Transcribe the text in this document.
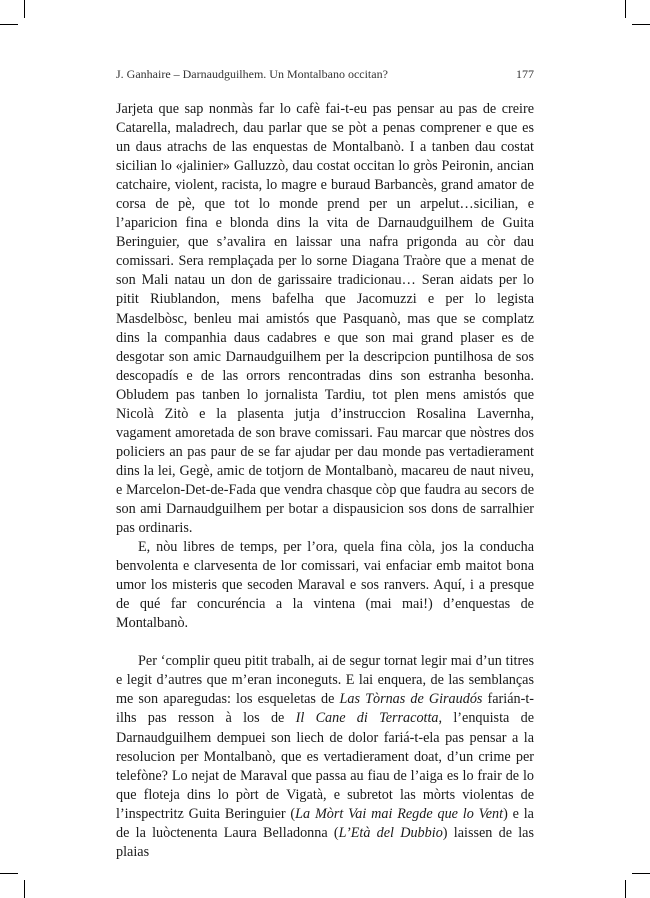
J. Ganhaire – Darnaudguilhem. Un Montalbano occitan?	177

Jarjeta que sap nonmàs far lo cafè fai-t-eu pas pensar au pas de creire Catarella, maladrech, dau parlar que se pòt a penas comprener e que es un daus atrachs de las enquestas de Montalbanò. I a tanben dau costat sicilian lo «jalinier» Galluzzò, dau costat occitan lo gròs Peironin, ancian catchaire, violent, racista, lo magre e buraud Barbancès, grand amator de corsa de pè, que tot lo monde prend per un arpelut…sicilian, e l’aparicion fina e blonda dins la vita de Darnaudguilhem de Guita Beringuier, que s’avalira en laissar una nafra prigonda au còr dau comissari. Sera remplaçada per lo sorne Diagana Traòre que a menat de son Mali natau un don de garissaire tradicionau… Seran aidats per lo pitit Riublandon, mens bafelha que Jacomuzzi e per lo legista Masdelbòsc, benleu mai amistós que Pasquanò, mas que se complatz dins la companhia daus cadabres e que son mai grand plaser es de desgotar son amic Darnaudguilhem per la descripcion puntilhosa de sos descopadís e de las orrors rencontradas dins son estranha besonha. Obludem pas tanben lo jornalista Tardiu, tot plen mens amistós que Nicolà Zitò e la plasenta jutja d’instruccion Rosalina Lavernha, vagament amoretada de son brave comissari. Fau marcar que nòstres dos policiers an pas paur de se far ajudar per dau monde pas vertadierament dins la lei, Gegè, amic de totjorn de Montalbanò, macareu de naut niveu, e Marcelon-Det-de-Fada que vendra chasque còp que faudra au secors de son ami Darnaudguilhem per botar a dispausicion sos dons de sarralhier pas ordinaris.

E, nòu libres de temps, per l’ora, quela fina còla, jos la conducha benvolenta e clarvesenta de lor comissari, vai enfaciar emb maitot bona umor los misteris que secoden Maraval e sos ranvers. Aquí, i a presque de qué far concuréncia a la vintena (mai mai!) d’enquestas de Montalbanò.

Per ‘complir queu pitit trabalh, ai de segur tornat legir mai d’un titres e legit d’autres que m’eran inconeguts. E lai enquera, de las semblanças me son aparegudas: los esqueletas de Las Tòrnas de Giraudós farián-t-ilhs pas resson à los de Il Cane di Terracotta, l’enquista de Darnaudguilhem dempuei son liech de dolor fariá-t-ela pas pensar a la resolucion per Montalbanò, que es vertadierament doat, d’un crime per telefòne? Lo nejat de Maraval que passa au fiau de l’aiga es lo frair de lo que floteja dins lo pòrt de Vigatà, e subretot las mòrts violentas de l’inspectritz Guita Beringuier (La Mòrt Vai mai Regde que lo Vent) e la de la luòctenenta Laura Belladonna (L’Età del Dubbio) laissen de las plaias
